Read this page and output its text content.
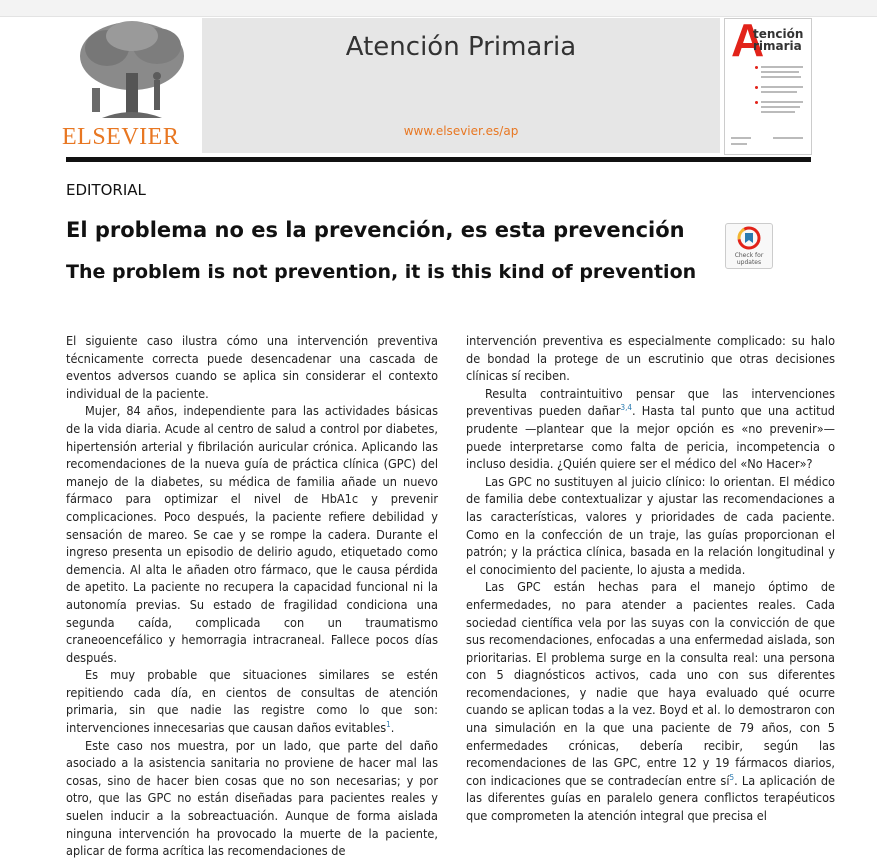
ELSEVIER
Atención Primaria
www.elsevier.es/ap
A
tención
rimaria
EDITORIAL
El problema no es la prevención, es esta prevención
The problem is not prevention, it is this kind of prevention
Check for updates

El siguiente caso ilustra cómo una intervención preventiva técnicamente correcta puede desencadenar una cascada de eventos adversos cuando se aplica sin considerar el contexto individual de la paciente.

Mujer, 84 años, independiente para las actividades básicas de la vida diaria. Acude al centro de salud a control por diabetes, hipertensión arterial y fibrilación auricular crónica. Aplicando las recomendaciones de la nueva guía de práctica clínica (GPC) del manejo de la diabetes, su médica de familia añade un nuevo fármaco para optimizar el nivel de HbA1c y prevenir complicaciones. Poco después, la paciente refiere debilidad y sensación de mareo. Se cae y se rompe la cadera. Durante el ingreso presenta un episodio de delirio agudo, etiquetado como demencia. Al alta le añaden otro fármaco, que le causa pérdida de apetito. La paciente no recupera la capacidad funcional ni la autonomía previas. Su estado de fragilidad condiciona una segunda caída, complicada con un traumatismo craneoencefálico y hemorragia intracraneal. Fallece pocos días después.

Es muy probable que situaciones similares se estén repitiendo cada día, en cientos de consultas de atención primaria, sin que nadie las registre como lo que son: intervenciones innecesarias que causan daños evitables$^1$.

Este caso nos muestra, por un lado, que parte del daño asociado a la asistencia sanitaria no proviene de hacer mal las cosas, sino de hacer bien cosas que no son necesarias; y por otro, que las GPC no están diseñadas para pacientes reales y suelen inducir a la sobreactuación. Aunque de forma aislada ninguna intervención ha provocado la muerte de la paciente, aplicar de forma acrítica las recomendaciones de

intervención preventiva es especialmente complicado: su halo de bondad la protege de un escrutinio que otras decisiones clínicas sí reciben.

Resulta contraintuitivo pensar que las intervenciones preventivas pueden dañar$^{3,4}$. Hasta tal punto que una actitud prudente —plantear que la mejor opción es «no prevenir»— puede interpretarse como falta de pericia, incompetencia o incluso desidia. ¿Quién quiere ser el médico del «No Hacer»?

Las GPC no sustituyen al juicio clínico: lo orientan. El médico de familia debe contextualizar y ajustar las recomendaciones a las características, valores y prioridades de cada paciente. Como en la confección de un traje, las guías proporcionan el patrón; y la práctica clínica, basada en la relación longitudinal y el conocimiento del paciente, lo ajusta a medida.

Las GPC están hechas para el manejo óptimo de enfermedades, no para atender a pacientes reales. Cada sociedad científica vela por las suyas con la convicción de que sus recomendaciones, enfocadas a una enfermedad aislada, son prioritarias. El problema surge en la consulta real: una persona con 5 diagnósticos activos, cada uno con sus diferentes recomendaciones, y nadie que haya evaluado qué ocurre cuando se aplican todas a la vez. Boyd et al. lo demostraron con una simulación en la que una paciente de 79 años, con 5 enfermedades crónicas, debería recibir, según las recomendaciones de las GPC, entre 12 y 19 fármacos diarios, con indicaciones que se contradecían entre $sí^5$. La aplicación de las diferentes guías en paralelo genera conflictos terapéuticos que comprometen la atención integral que precisa el
